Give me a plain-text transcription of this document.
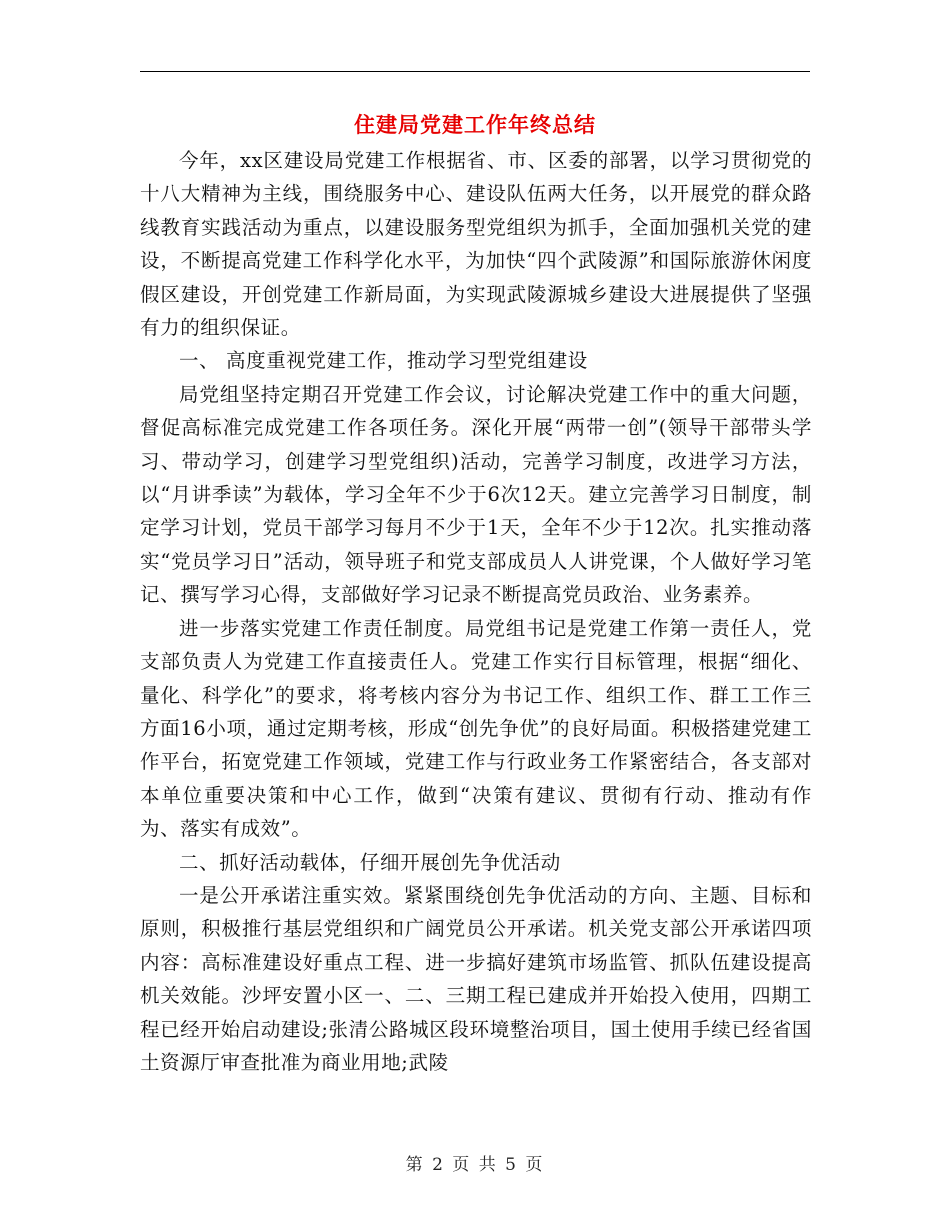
住建局党建工作年终总结

今年，xx区建设局党建工作根据省、市、区委的部署，以学习贯彻党的十八大精神为主线，围绕服务中心、建设队伍两大任务，以开展党的群众路线教育实践活动为重点，以建设服务型党组织为抓手，全面加强机关党的建设，不断提高党建工作科学化水平，为加快“四个武陵源”和国际旅游休闲度假区建设，开创党建工作新局面，为实现武陵源城乡建设大进展提供了坚强有力的组织保证。

一、 高度重视党建工作，推动学习型党组建设

局党组坚持定期召开党建工作会议，讨论解决党建工作中的重大问题，督促高标准完成党建工作各项任务。深化开展“两带一创”(领导干部带头学习、带动学习，创建学习型党组织)活动，完善学习制度，改进学习方法，以“月讲季读”为载体，学习全年不少于6次12天。建立完善学习日制度，制定学习计划，党员干部学习每月不少于1天，全年不少于12次。扎实推动落实“党员学习日”活动，领导班子和党支部成员人人讲党课，个人做好学习笔记、撰写学习心得，支部做好学习记录不断提高党员政治、业务素养。

进一步落实党建工作责任制度。局党组书记是党建工作第一责任人，党支部负责人为党建工作直接责任人。党建工作实行目标管理，根据“细化、量化、科学化”的要求，将考核内容分为书记工作、组织工作、群工工作三方面16小项，通过定期考核，形成“创先争优”的良好局面。积极搭建党建工作平台，拓宽党建工作领域，党建工作与行政业务工作紧密结合，各支部对本单位重要决策和中心工作，做到“决策有建议、贯彻有行动、推动有作为、落实有成效”。

二、抓好活动载体，仔细开展创先争优活动

一是公开承诺注重实效。紧紧围绕创先争优活动的方向、主题、目标和原则，积极推行基层党组织和广阔党员公开承诺。机关党支部公开承诺四项内容：高标准建设好重点工程、进一步搞好建筑市场监管、抓队伍建设提高机关效能。沙坪安置小区一、二、三期工程已建成并开始投入使用，四期工程已经开始启动建设;张清公路城区段环境整治项目，国土使用手续已经省国土资源厅审查批准为商业用地;武陵

第 2 页 共 5 页
